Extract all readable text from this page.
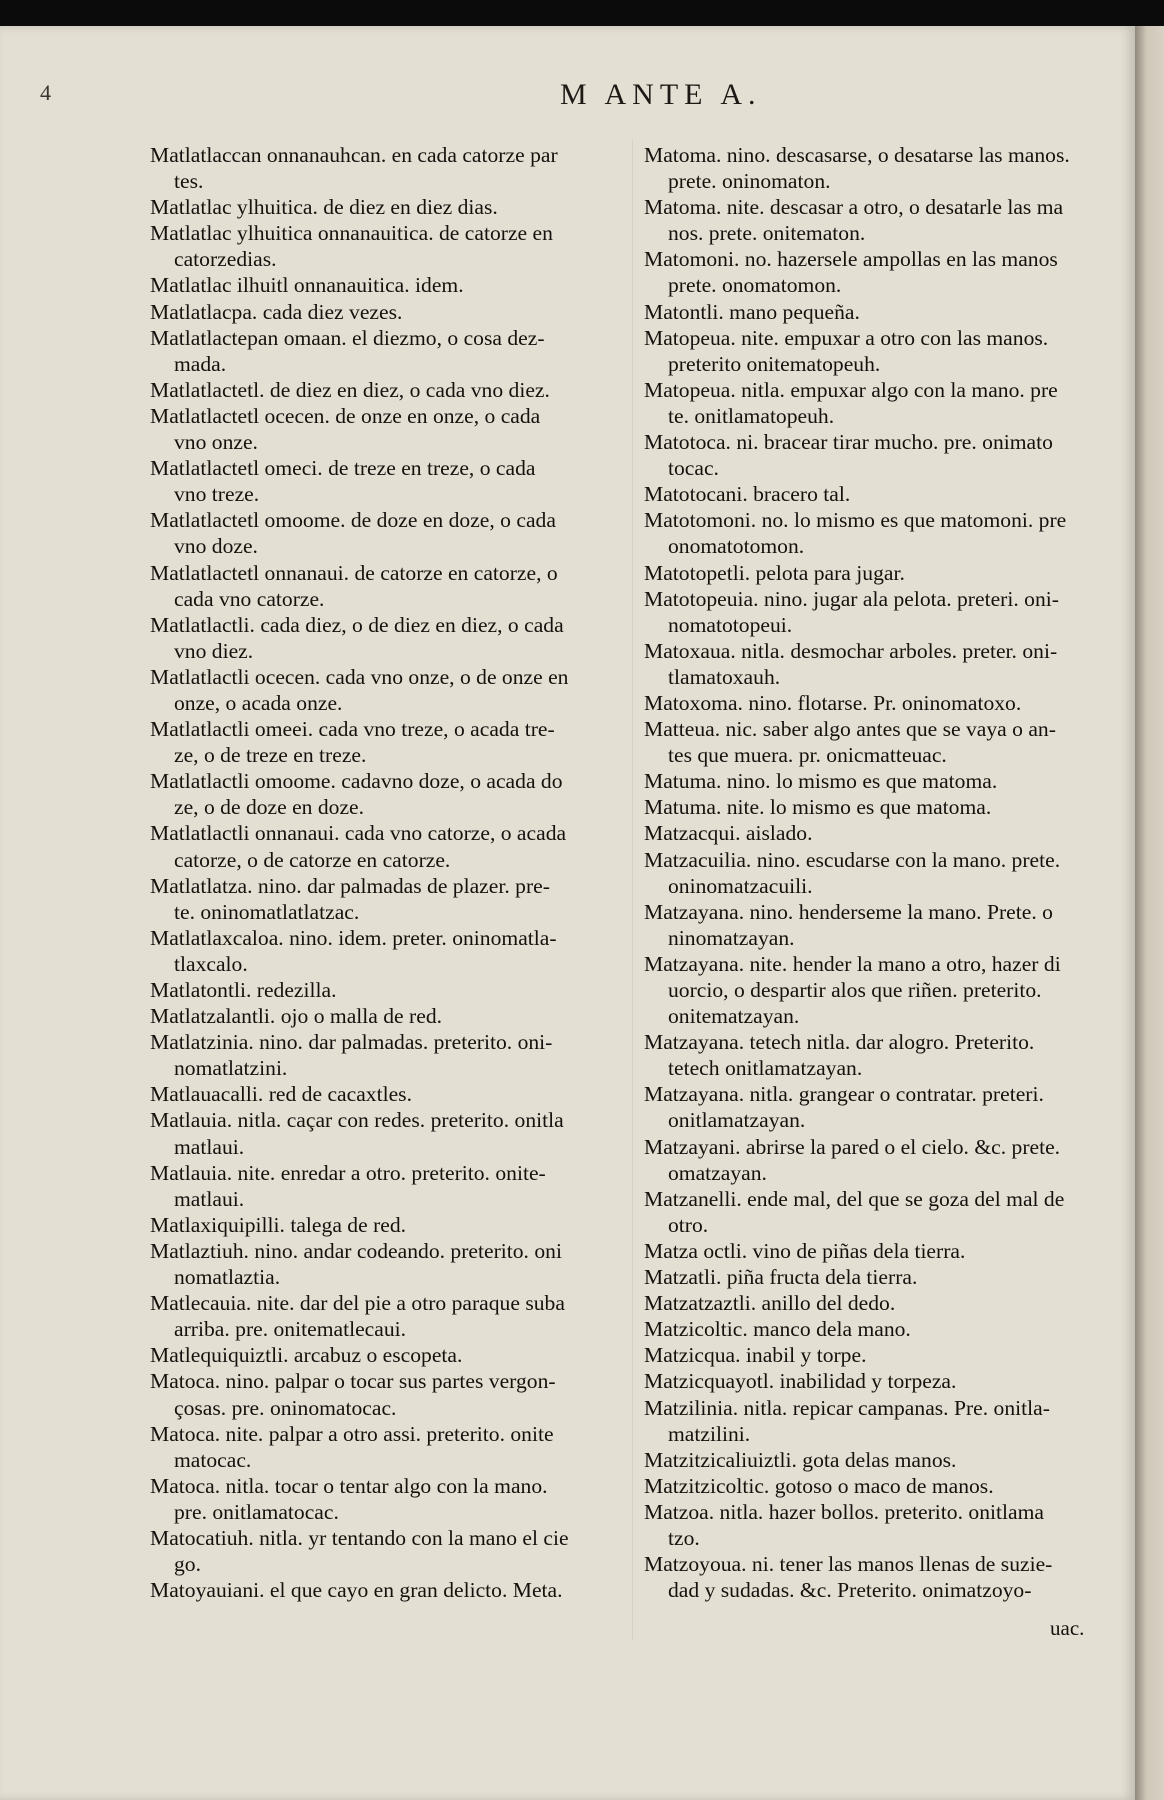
4	M ANTE A.
Matlatlaccan onnanauhcan. en cada catorze par
tes.
Matlatlac ylhuitica. de diez en diez dias.
Matlatlac ylhuitica onnanauitica. de catorze en
catorzedias.
Matlatlac ilhuitl onnanauitica. idem.
Matlatlacpa. cada diez vezes.
Matlatlactepan omaan. el diezmo, o cosa dez-
mada.
Matlatlactetl. de diez en diez, o cada vno diez.
Matlatlactetl ocecen. de onze en onze, o cada
vno onze.
Matlatlactetl omeci. de treze en treze, o cada
vno treze.
Matlatlactetl omoome. de doze en doze, o cada
vno doze.
Matlatlactetl onnanaui. de catorze en catorze, o
cada vno catorze.
Matlatlactli. cada diez, o de diez en diez, o cada
vno diez.
Matlatlactli ocecen. cada vno onze, o de onze en
onze, o acada onze.
Matlatlactli omeei. cada vno treze, o acada tre-
ze, o de treze en treze.
Matlatlactli omoome. cadavno doze, o acada do
ze, o de doze en doze.
Matlatlactli onnanaui. cada vno catorze, o acada
catorze, o de catorze en catorze.
Matlatlatza. nino. dar palmadas de plazer. pre-
te. oninomatlatlatzac.
Matlatlaxcaloa. nino. idem. preter. oninomatla-
tlaxcalo.
Matlatontli. redezilla.
Matlatzalantli. ojo o malla de red.
Matlatzinia. nino. dar palmadas. preterito. oni-
nomatlatzini.
Matlauacalli. red de cacaxtles.
Matlauia. nitla. caçar con redes. preterito. onitla
matlaui.
Matlauia. nite. enredar a otro. preterito. onite-
matlaui.
Matlaxiquipilli. talega de red.
Matlaztiuh. nino. andar codeando. preterito. oni
nomatlaztia.
Matlecauia. nite. dar del pie a otro paraque suba
arriba. pre. onitematlecaui.
Matlequiquiztli. arcabuz o escopeta.
Matoca. nino. palpar o tocar sus partes vergon-
çosas. pre. oninomatocac.
Matoca. nite. palpar a otro assi. preterito. onite
matocac.
Matoca. nitla. tocar o tentar algo con la mano.
pre. onitlamatocac.
Matocatiuh. nitla. yr tentando con la mano el cie
go.
Matoyauiani. el que cayo en gran delicto. Meta.
Matoma. nino. descasarse, o desatarse las manos.
prete. oninomaton.
Matoma. nite. descasar a otro, o desatarle las ma
nos. prete. onitematon.
Matomoni. no. hazersele ampollas en las manos
prete. onomatomon.
Matontli. mano pequeña.
Matopeua. nite. empuxar a otro con las manos.
preterito onitematopeuh.
Matopeua. nitla. empuxar algo con la mano. pre
te. onitlamatopeuh.
Matotoca. ni. bracear tirar mucho. pre. onimato
tocac.
Matotocani. bracero tal.
Matotomoni. no. lo mismo es que matomoni. pre
onomatotomon.
Matotopetli. pelota para jugar.
Matotopeuia. nino. jugar ala pelota. preteri. oni-
nomatotopeui.
Matoxaua. nitla. desmochar arboles. preter. oni-
tlamatoxauh.
Matoxoma. nino. flotarse. Pr. oninomatoxo.
Matteua. nic. saber algo antes que se vaya o an-
tes que muera. pr. onicmatteuac.
Matuma. nino. lo mismo es que matoma.
Matuma. nite. lo mismo es que matoma.
Matzacqui. aislado.
Matzacuilia. nino. escudarse con la mano. prete.
oninomatzacuili.
Matzayana. nino. henderseme la mano. Prete. o
ninomatzayan.
Matzayana. nite. hender la mano a otro, hazer di
uorcio, o despartir alos que riñen. preterito.
onitematzayan.
Matzayana. tetech nitla. dar alogro. Preterito.
tetech onitlamatzayan.
Matzayana. nitla. grangear o contratar. preteri.
onitlamatzayan.
Matzayani. abrirse la pared o el cielo. &c. prete.
omatzayan.
Matzanelli. ende mal, del que se goza del mal de
otro.
Matza octli. vino de piñas dela tierra.
Matzatli. piña fructa dela tierra.
Matzatzaztli. anillo del dedo.
Matzicoltic. manco dela mano.
Matzicqua. inabil y torpe.
Matzicquayotl. inabilidad y torpeza.
Matzilinia. nitla. repicar campanas. Pre. onitla-
matzilini.
Matzitzicaliuiztli. gota delas manos.
Matzitzicoltic. gotoso o maco de manos.
Matzoa. nitla. hazer bollos. preterito. onitlama
tzo.
Matzoyoua. ni. tener las manos llenas de suzie-
dad y sudadas. &c. Preterito. onimatzoyo-
uac.
